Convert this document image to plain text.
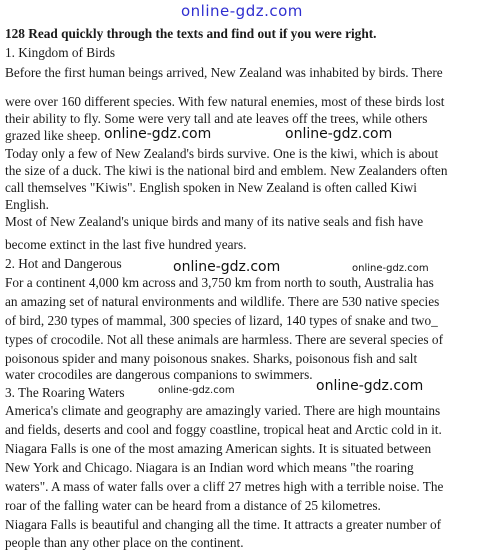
online-gdz.com
online-gdz.com	online-gdz.com
online-gdz.com
online-gdz.com
online-gdz.com	online-gdz.com
128 Read quickly through the texts and find out if you were right.
1. Kingdom of Birds
Before the first human beings arrived, New Zealand was inhabited by birds. There
were over 160 different species. With few natural enemies, most of these birds lost
their ability to fly. Some were very tall and ate leaves off the trees, while others
grazed like sheep.
Today only a few of New Zealand's birds survive. One is the kiwi, which is about
the size of a duck. The kiwi is the national bird and emblem. New Zealanders often
call themselves "Kiwis". English spoken in New Zealand is often called Kiwi
English.
Most of New Zealand's unique birds and many of its native seals and fish have
become extinct in the last five hundred years.
2. Hot and Dangerous
For a continent 4,000 km across and 3,750 km from north to south, Australia has
an amazing set of natural environments and wildlife. There are 530 native species
of bird, 230 types of mammal, 300 species of lizard, 140 types of snake and two_
types of crocodile. Not all these animals are harmless. There are several species of
poisonous spider and many poisonous snakes. Sharks, poisonous fish and salt
water crocodiles are dangerous companions to swimmers.
3. The Roaring Waters
America's climate and geography are amazingly varied. There are high mountains
and fields, deserts and cool and foggy coastline, tropical heat and Arctic cold in it.
Niagara Falls is one of the most amazing American sights. It is situated between
New York and Chicago. Niagara is an Indian word which means "the roaring
waters". A mass of water falls over a cliff 27 metres high with a terrible noise. The
roar of the falling water can be heard from a distance of 25 kilometres.
Niagara Falls is beautiful and changing all the time. It attracts a greater number of
people than any other place on the continent.
